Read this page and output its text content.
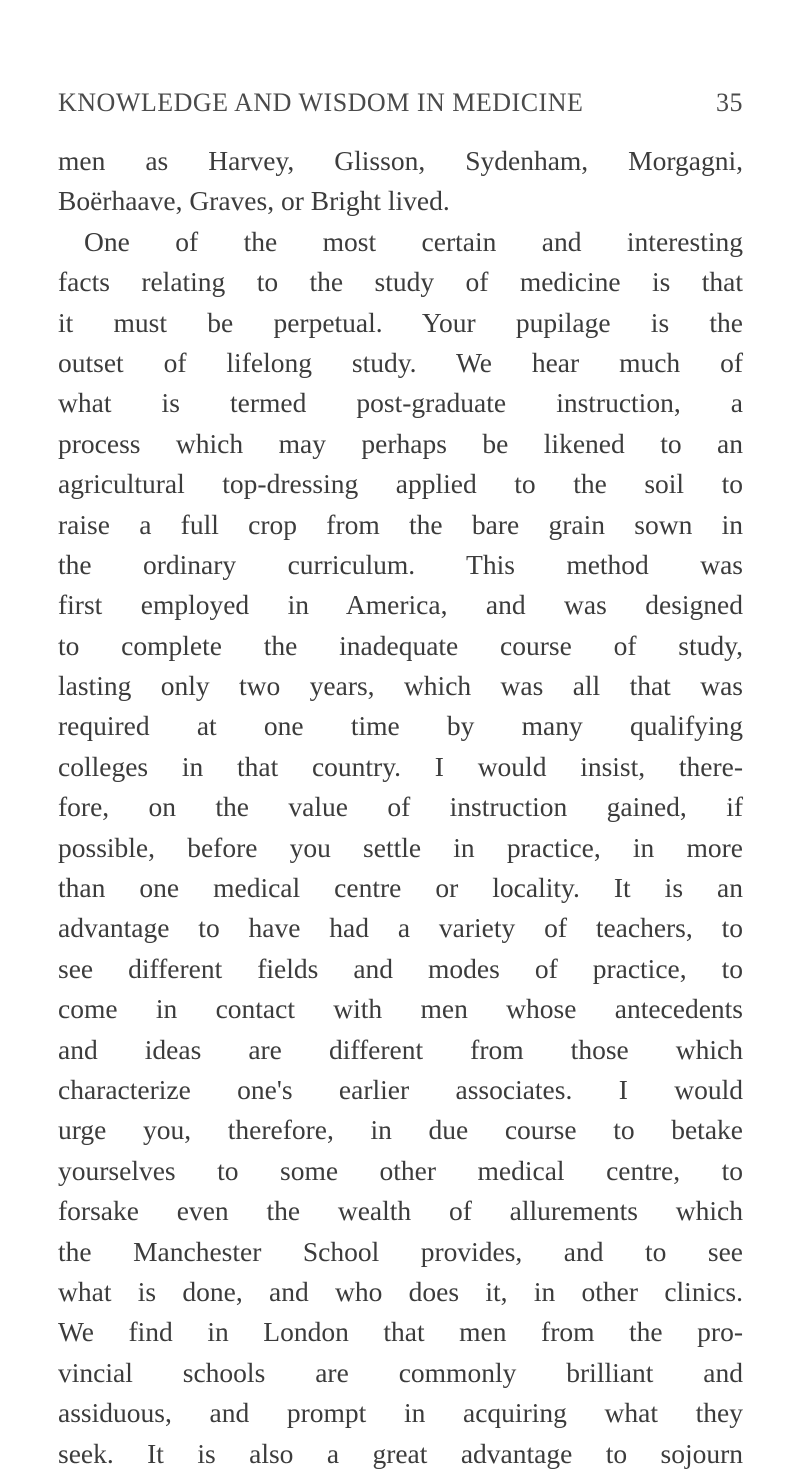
KNOWLEDGE AND WISDOM IN MEDICINE	35
men as Harvey, Glisson, Sydenham, Morgagni,
Boërhaave, Graves, or Bright lived.
One of the most certain and interesting
facts relating to the study of medicine is that
it must be perpetual. Your pupilage is the
outset of lifelong study. We hear much of
what is termed post-graduate instruction, a
process which may perhaps be likened to an
agricultural top-dressing applied to the soil to
raise a full crop from the bare grain sown in
the ordinary curriculum. This method was
first employed in America, and was designed
to complete the inadequate course of study,
lasting only two years, which was all that was
required at one time by many qualifying
colleges in that country. I would insist, there-
fore, on the value of instruction gained, if
possible, before you settle in practice, in more
than one medical centre or locality. It is an
advantage to have had a variety of teachers, to
see different fields and modes of practice, to
come in contact with men whose antecedents
and ideas are different from those which
characterize one's earlier associates. I would
urge you, therefore, in due course to betake
yourselves to some other medical centre, to
forsake even the wealth of allurements which
the Manchester School provides, and to see
what is done, and who does it, in other clinics.
We find in London that men from the pro-
vincial schools are commonly brilliant and
assiduous, and prompt in acquiring what they
seek. It is also a great advantage to sojourn
